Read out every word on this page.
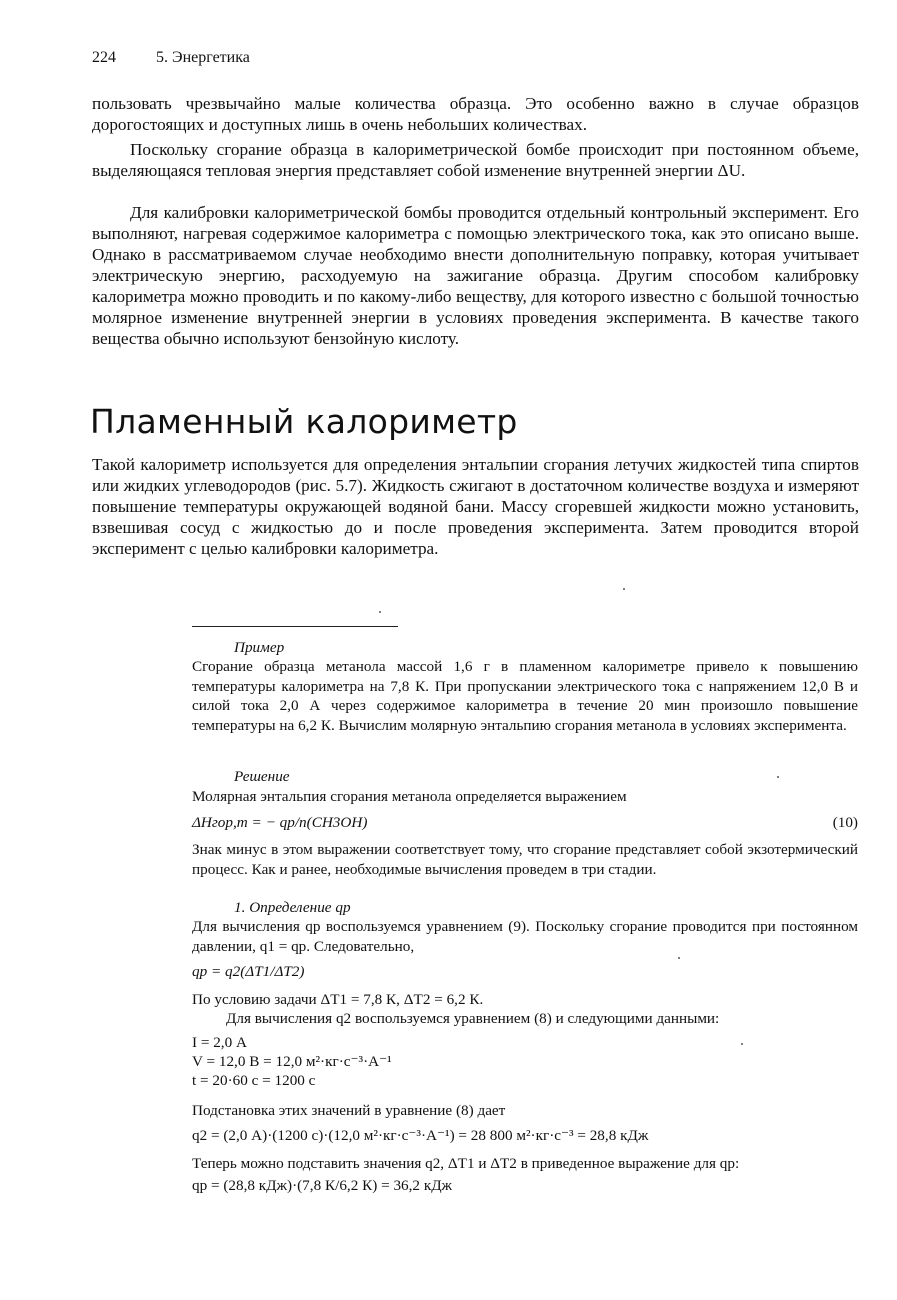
224	5. Энергетика

пользовать чрезвычайно малые количества образца. Это особенно важно в случае образцов дорогостоящих и доступных лишь в очень небольших количествах.

Поскольку сгорание образца в калориметрической бомбе происходит при постоянном объеме, выделяющаяся тепловая энергия представляет собой изменение внутренней энергии ΔU.

Для калибровки калориметрической бомбы проводится отдельный контрольный эксперимент. Его выполняют, нагревая содержимое калориметра с помощью электрического тока, как это описано выше. Однако в рассматриваемом случае необходимо внести дополнительную поправку, которая учитывает электрическую энергию, расходуемую на зажигание образца. Другим способом калибровку калориметра можно проводить и по какому-либо веществу, для которого известно с большой точностью молярное изменение внутренней энергии в условиях проведения эксперимента. В качестве такого вещества обычно используют бензойную кислоту.

Пламенный калориметр

Такой калориметр используется для определения энтальпии сгорания летучих жидкостей типа спиртов или жидких углеводородов (рис. 5.7). Жидкость сжигают в достаточном количестве воздуха и измеряют повышение температуры окружающей водяной бани. Массу сгоревшей жидкости можно установить, взвешивая сосуд с жидкостью до и после проведения эксперимента. Затем проводится второй эксперимент с целью калибровки калориметра.

Пример

Сгорание образца метанола массой 1,6 г в пламенном калориметре привело к повышению температуры калориметра на 7,8 К. При пропускании электрического тока с напряжением 12,0 В и силой тока 2,0 А через содержимое калориметра в течение 20 мин произошло повышение температуры на 6,2 К. Вычислим молярную энтальпию сгорания метанола в условиях эксперимента.

Решение

Молярная энтальпия сгорания метанола определяется выражением

ΔHгор,m = − qp/n(CH3OH)	(10)

Знак минус в этом выражении соответствует тому, что сгорание представляет собой экзотермический процесс. Как и ранее, необходимые вычисления проведем в три стадии.

1. Определение qp

Для вычисления qp воспользуемся уравнением (9). Поскольку сгорание проводится при постоянном давлении, q1 = qp. Следовательно,

qp = q2(ΔT1/ΔT2)

По условию задачи ΔT1 = 7,8 К, ΔT2 = 6,2 К.

Для вычисления q2 воспользуемся уравнением (8) и следующими данными:

I = 2,0 А

V = 12,0 В = 12,0 м²·кг·с⁻³·А⁻¹

t = 20·60 с = 1200 с

Подстановка этих значений в уравнение (8) дает

q2 = (2,0 А)·(1200 с)·(12,0 м²·кг·с⁻³·А⁻¹) = 28 800 м²·кг·с⁻³ = 28,8 кДж

Теперь можно подставить значения q2, ΔT1 и ΔT2 в приведенное выражение для qp:

qp = (28,8 кДж)·(7,8 К/6,2 К) = 36,2 кДж
